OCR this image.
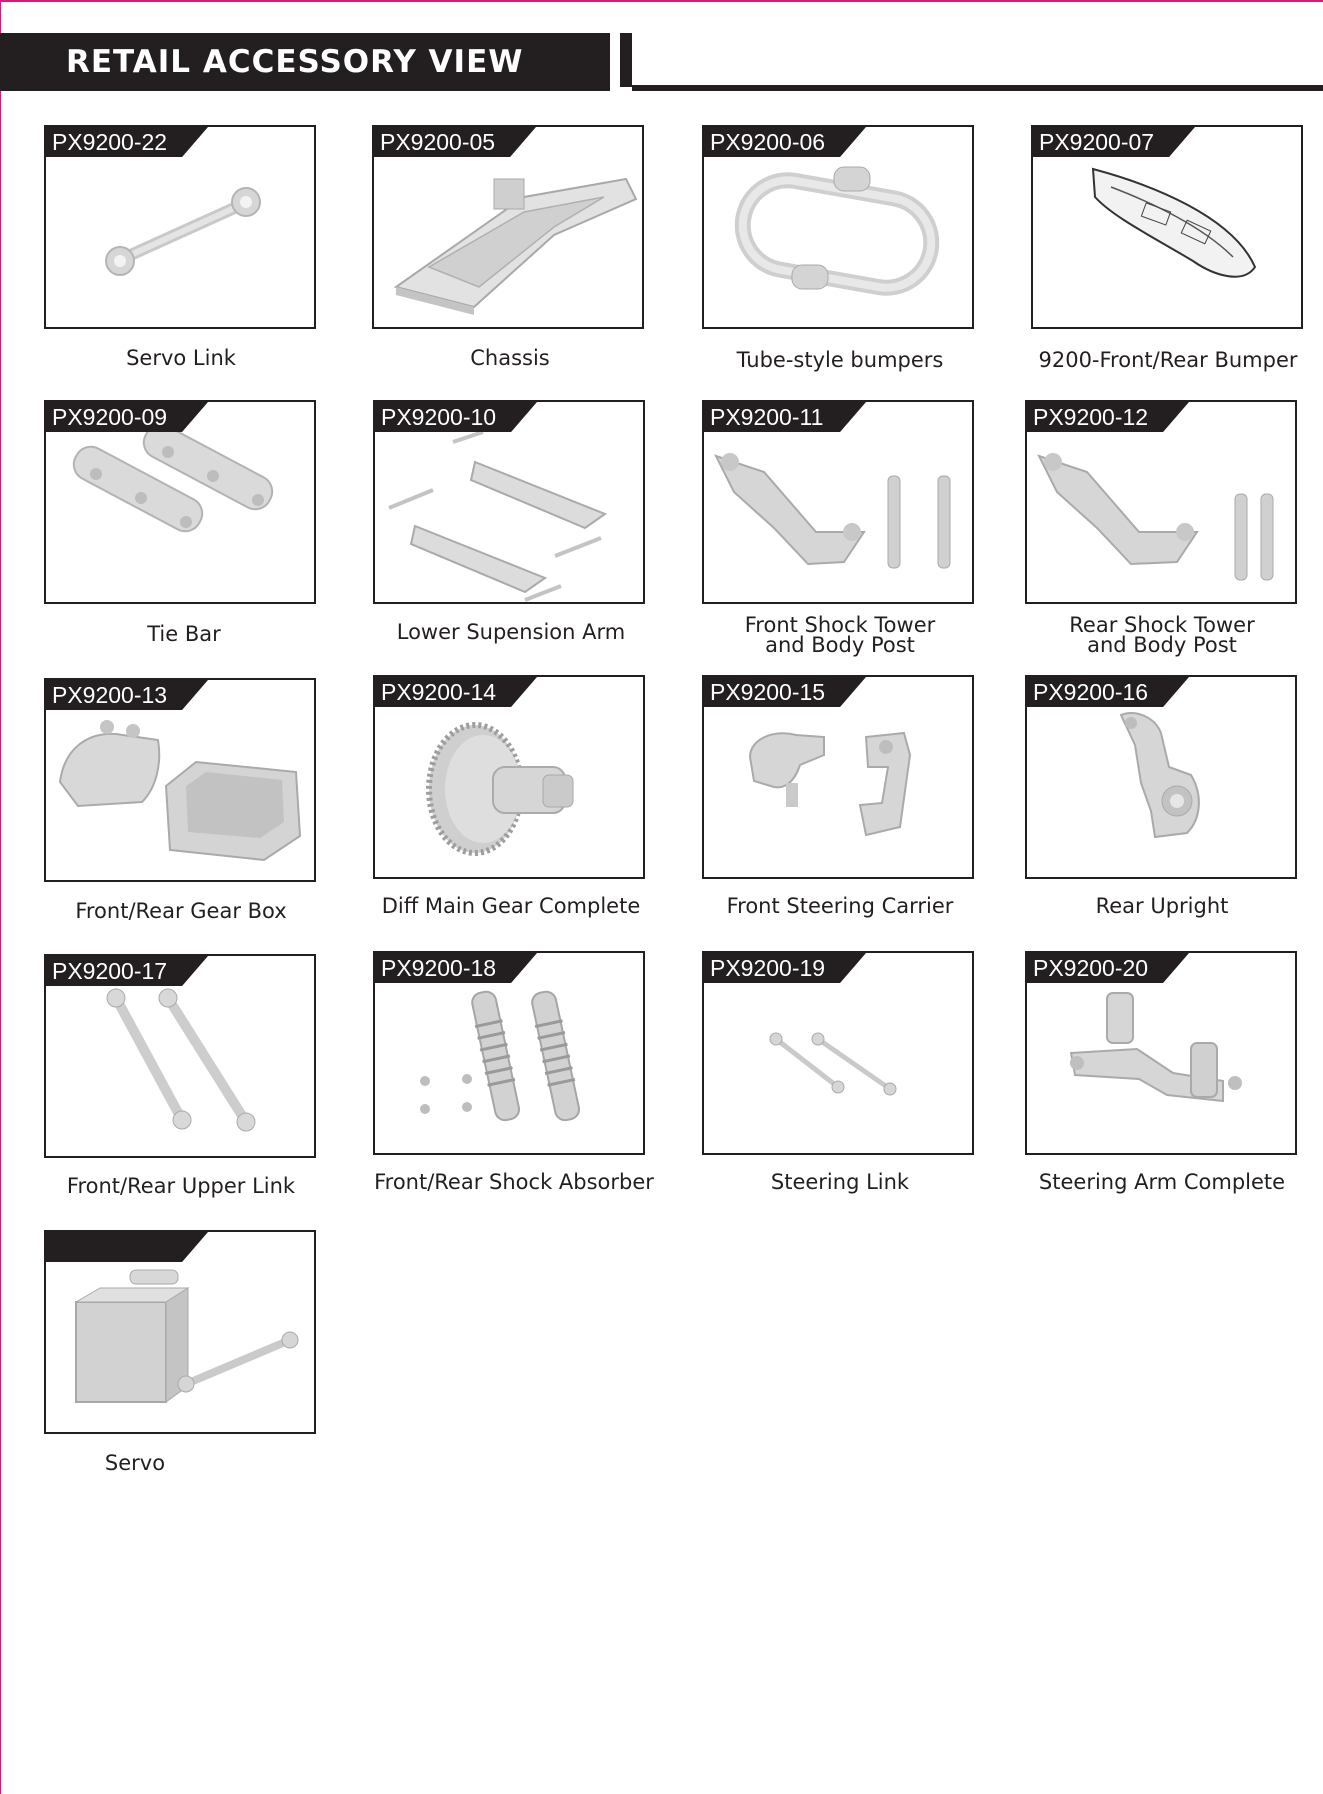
RETAIL ACCESSORY VIEW
PX9200-22
Servo Link
PX9200-05
Chassis
PX9200-06
Tube-style bumpers
PX9200-07
9200-Front/Rear Bumper
PX9200-09
Tie Bar
PX9200-10
Lower Supension Arm
PX9200-11
Front Shock Tower
and Body Post
PX9200-12
Rear Shock Tower
and Body Post
PX9200-13
Front/Rear Gear Box
PX9200-14
Diff Main Gear Complete
PX9200-15
Front Steering Carrier
PX9200-16
Rear Upright
PX9200-17
Front/Rear Upper Link
PX9200-18
Front/Rear Shock Absorber
PX9200-19
Steering Link
PX9200-20
Steering Arm Complete
Servo
